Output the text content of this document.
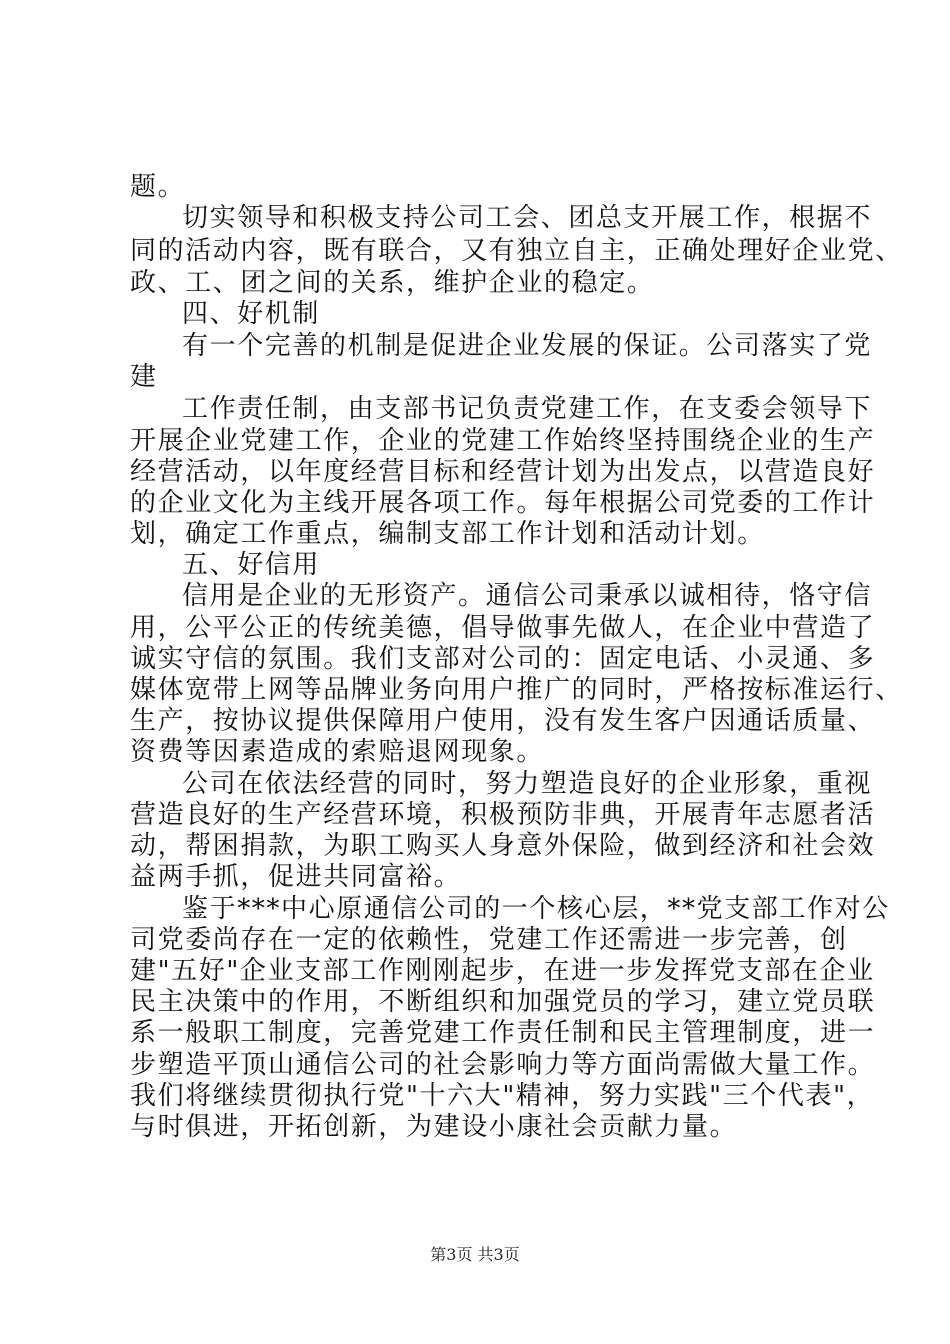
题。
切实领导和积极支持公司工会、团总支开展工作，根据不
同的活动内容，既有联合，又有独立自主，正确处理好企业党、
政、工、团之间的关系，维护企业的稳定。
四、好机制
有一个完善的机制是促进企业发展的保证。公司落实了党
建
工作责任制，由支部书记负责党建工作，在支委会领导下
开展企业党建工作，企业的党建工作始终坚持围绕企业的生产
经营活动，以年度经营目标和经营计划为出发点，以营造良好
的企业文化为主线开展各项工作。每年根据公司党委的工作计
划，确定工作重点，编制支部工作计划和活动计划。
五、好信用
信用是企业的无形资产。通信公司秉承以诚相待，恪守信
用，公平公正的传统美德，倡导做事先做人，在企业中营造了
诚实守信的氛围。我们支部对公司的：固定电话、小灵通、多
媒体宽带上网等品牌业务向用户推广的同时，严格按标准运行、
生产，按协议提供保障用户使用，没有发生客户因通话质量、
资费等因素造成的索赔退网现象。
公司在依法经营的同时，努力塑造良好的企业形象，重视
营造良好的生产经营环境，积极预防非典，开展青年志愿者活
动，帮困捐款，为职工购买人身意外保险，做到经济和社会效
益两手抓，促进共同富裕。
鉴于***中心原通信公司的一个核心层，**党支部工作对公
司党委尚存在一定的依赖性，党建工作还需进一步完善，创
建"五好"企业支部工作刚刚起步，在进一步发挥党支部在企业
民主决策中的作用，不断组织和加强党员的学习，建立党员联
系一般职工制度，完善党建工作责任制和民主管理制度，进一
步塑造平顶山通信公司的社会影响力等方面尚需做大量工作。
我们将继续贯彻执行党"十六大"精神，努力实践"三个代表"，
与时俱进，开拓创新，为建设小康社会贡献力量。
第3页 共3页
